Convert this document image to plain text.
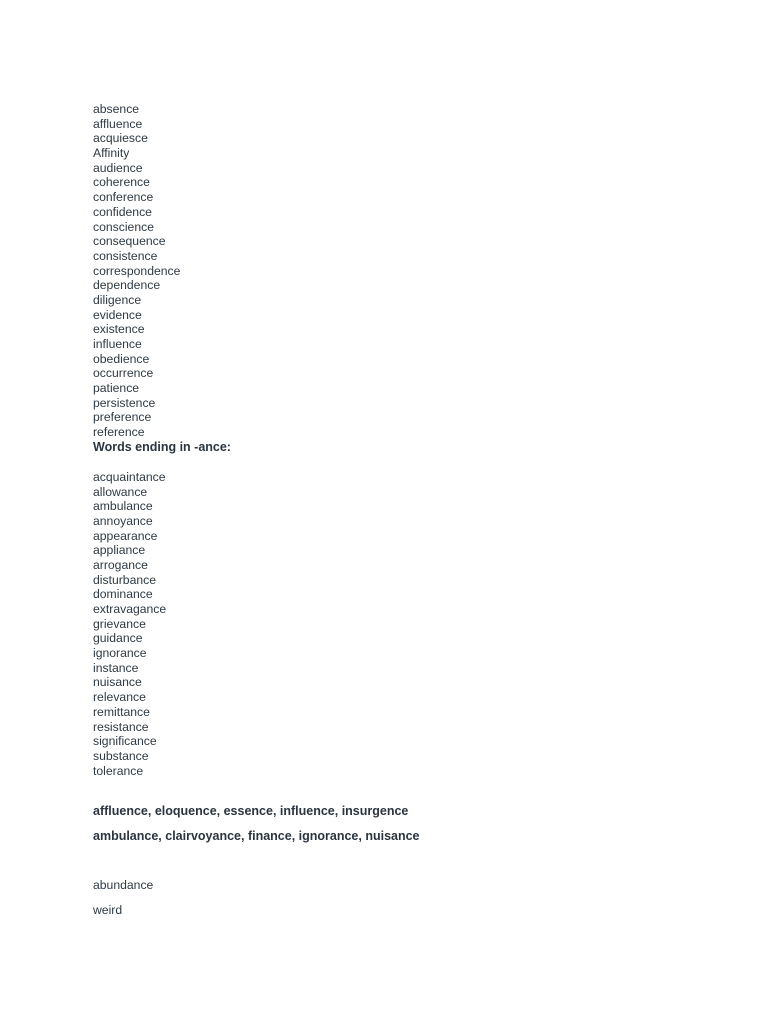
absence
affluence
acquiesce
Affinity
audience
coherence
conference
confidence
conscience
consequence
consistence
correspondence
dependence
diligence
evidence
existence
influence
obedience
occurrence
patience
persistence
preference
reference

Words ending in -ance:

acquaintance
allowance
ambulance
annoyance
appearance
appliance
arrogance
disturbance
dominance
extravagance
grievance
guidance
ignorance
instance
nuisance
relevance
remittance
resistance
significance
substance
tolerance
affluence, eloquence, essence, influence, insurgence
ambulance, clairvoyance, finance, ignorance, nuisance
abundance
weird
